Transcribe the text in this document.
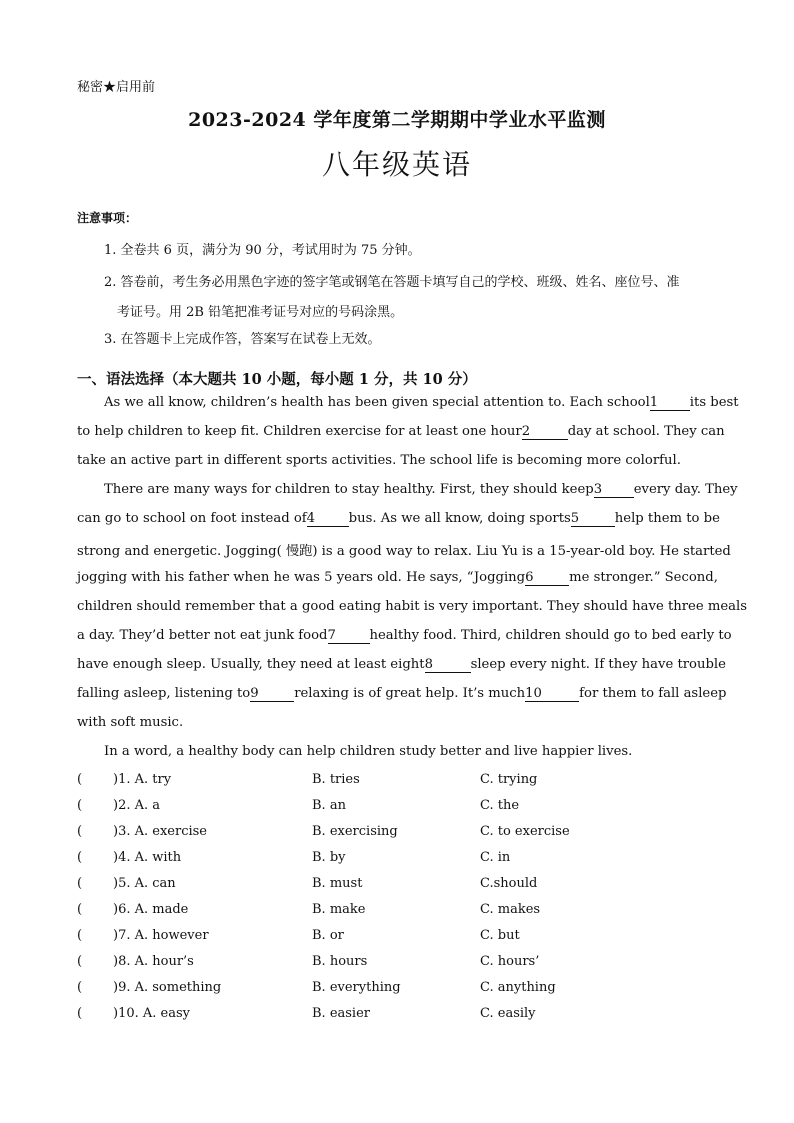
秘密★启用前
2023-2024 学年度第二学期期中学业水平监测
八年级英语
注意事项：
1. 全卷共 6 页，满分为 90 分，考试用时为 75 分钟。
2. 答卷前，考生务必用黑色字迹的签字笔或钢笔在答题卡填写自己的学校、班级、姓名、座位号、准
考证号。用 2B 铅笔把准考证号对应的号码涂黑。
3. 在答题卡上完成作答，答案写在试卷上无效。
一、语法选择（本大题共 10 小题，每小题 1 分，共 10 分）
As we all know, children’s health has been given special attention to. Each school1 its best
to help children to keep fit. Children exercise for at least one hour2	day at school. They can
take an active part in different sports activities. The school life is becoming more colorful.
There are many ways for children to stay healthy. First, they should keep3 every day. They
can go to school on foot instead of4	bus. As we all know, doing sports5	help them to be
strong and energetic. Jogging( 慢跑) is a good way to relax. Liu Yu is a 15-year-old boy. He started
jogging with his father when he was 5 years old. He says, “Jogging6	me stronger.” Second,
children should remember that a good eating habit is very important. They should have three meals
a day. They’d better not eat junk food7	healthy food. Third, children should go to bed early to
have enough sleep. Usually, they need at least eight8	sleep every night. If they have trouble
falling asleep, listening to9	relaxing is of great help. It’s much10	for them to fall asleep
with soft music.
In a word, a healthy body can help children study better and live happier lives.
( )1. A. try	B. tries	C. trying
( )2. A. a	B. an	C. the
( )3. A. exercise	B. exercising	C. to exercise
( )4. A. with	B. by	C. in
( )5. A. can	B. must	C.should
( )6. A. made	B. make	C. makes
( )7. A. however	B. or	C. but
( )8. A. hour’s	B. hours	C. hours’
( )9. A. something	B. everything	C. anything
( )10. A. easy	B. easier	C. easily
